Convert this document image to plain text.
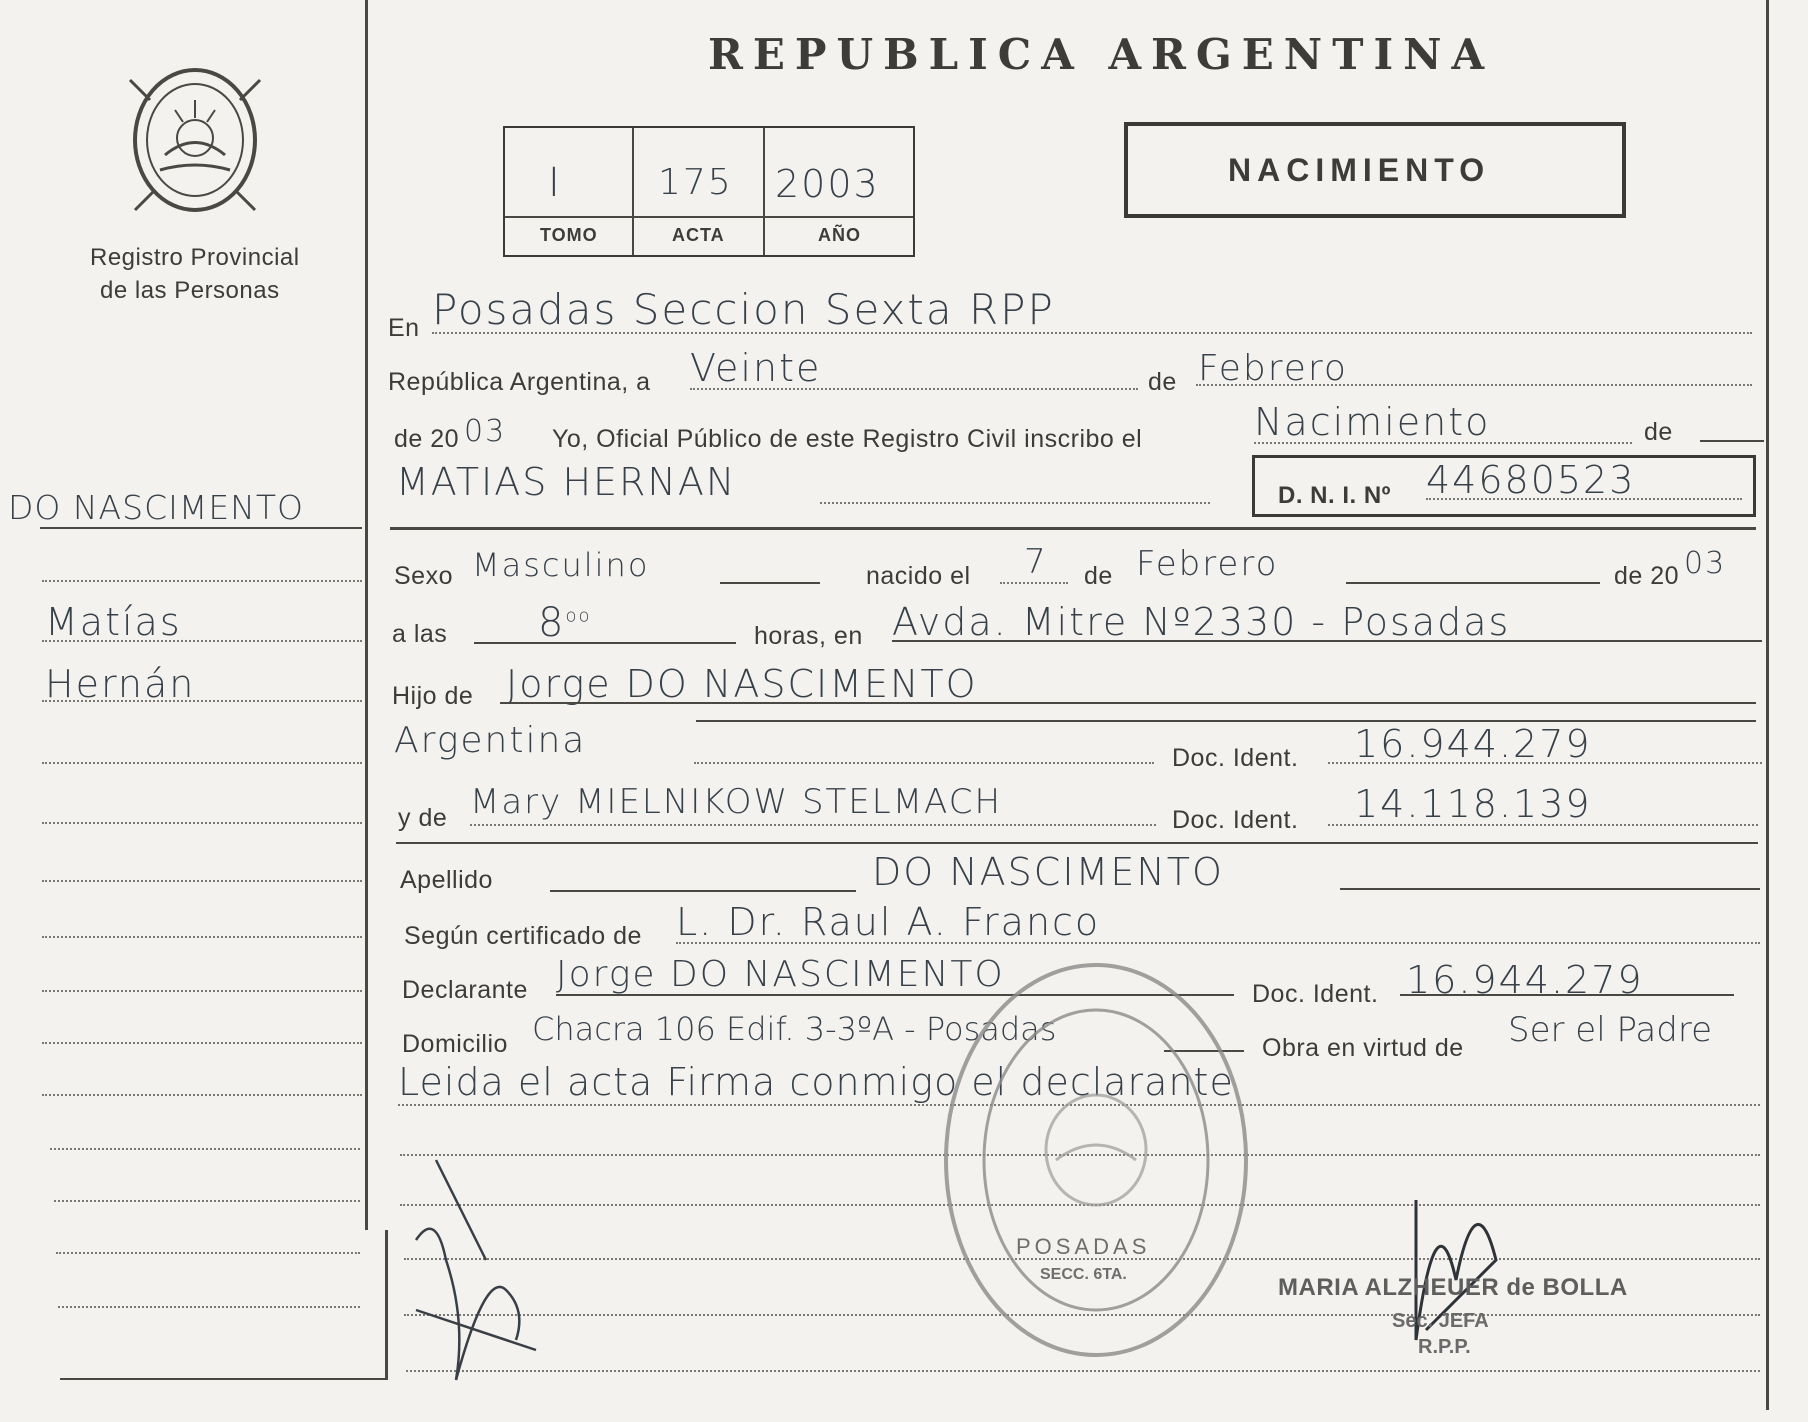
Registro Provincial
de las Personas
DO NASCIMENTO
Matías
Hernán
REPUBLICA ARGENTINA
I	175 2003
TOMO	ACTA	AÑO
NACIMIENTO
En Posadas Seccion Sexta RPP
República Argentina, a Veinte	de Febrero
de 20 03 Yo, Oficial Público de este Registro Civil inscribo el	Nacimiento	de
MATIAS HERNAN	D. N. I. Nº 44680523
Sexo Masculino	nacido el 7 de Febrero	de 20 03
a las $8^{oo}$
horas, en Avda. Mitre Nº2330 - Posadas
Hijo de Jorge DO NASCIMENTO
Argentina	Doc. Ident. 16.944.279
y de Mary MIELNIKOW STELMACH	Doc. Ident. 14.118.139
Apellido	DO NASCIMENTO
Según certificado de L. Dr. Raul A. Franco
Declarante Jorge DO NASCIMENTO	Doc. Ident. 16.944.279
Domicilio Chacra 106 Edif. 3-3ºA - Posadas	Obra en virtud de Ser el Padre
Leida el acta Firma conmigo el declarante
POSADAS
SECC. 6TA.	MARIA ALZHEUER de BOLLA
Sec. JEFA
R.P.P.
